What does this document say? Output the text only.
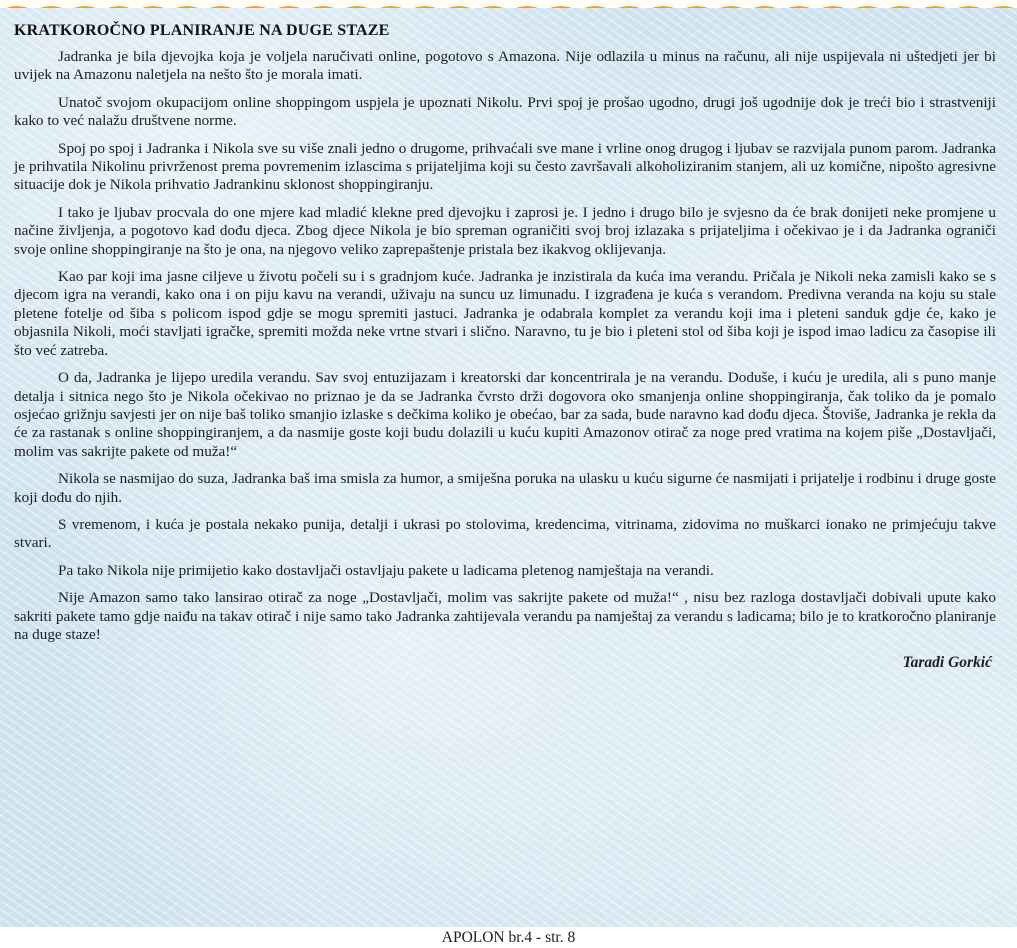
KRATKOROČNO PLANIRANJE NA DUGE STAZE

Jadranka je bila djevojka koja je voljela naručivati online, pogotovo s Amazona. Nije odlazila u minus na računu, ali nije uspijevala ni uštedjeti jer bi uvijek na Amazonu naletjela na nešto što je morala imati.

Unatoč svojom okupacijom online shoppingom uspjela je upoznati Nikolu. Prvi spoj je prošao ugodno, drugi još ugodnije dok je treći bio i strastveniji kako to već nalažu društvene norme.

Spoj po spoj i Jadranka i Nikola sve su više znali jedno o drugome, prihvaćali sve mane i vrline onog drugog i ljubav se razvijala punom parom. Jadranka je prihvatila Nikolinu privrženost prema povremenim izlascima s prijateljima koji su često završavali alkoholiziranim stanjem, ali uz komične, nipošto agresivne situacije dok je Nikola prihvatio Jadrankinu sklonost shoppingiranju.

I tako je ljubav procvala do one mjere kad mladić klekne pred djevojku i zaprosi je. I jedno i drugo bilo je svjesno da će brak donijeti neke promjene u načine življenja, a pogotovo kad dođu djeca. Zbog djece Nikola je bio spreman ograničiti svoj broj izlazaka s prijateljima i očekivao je i da Jadranka ograniči svoje online shoppingiranje na što je ona, na njegovo veliko zaprepaštenje pristala bez ikakvog oklijevanja.

Kao par koji ima jasne ciljeve u životu počeli su i s gradnjom kuće. Jadranka je inzistirala da kuća ima verandu. Pričala je Nikoli neka zamisli kako se s djecom igra na verandi, kako ona i on piju kavu na verandi, uživaju na suncu uz limunadu. I izgrađena je kuća s verandom. Predivna veranda na koju su stale pletene fotelje od šiba s policom ispod gdje se mogu spremiti jastuci. Jadranka je odabrala komplet za verandu koji ima i pleteni sanduk gdje će, kako je objasnila Nikoli, moći stavljati igračke, spremiti možda neke vrtne stvari i slično. Naravno, tu je bio i pleteni stol od šiba koji je ispod imao ladicu za časopise ili što već zatreba.

O da, Jadranka je lijepo uredila verandu. Sav svoj entuzijazam i kreatorski dar koncentrirala je na verandu. Doduše, i kuću je uredila, ali s puno manje detalja i sitnica nego što je Nikola očekivao no priznao je da se Jadranka čvrsto drži dogovora oko smanjenja online shoppingiranja, čak toliko da je pomalo osjećao grižnju savjesti jer on nije baš toliko smanjio izlaske s dečkima koliko je obećao, bar za sada, bude naravno kad dođu djeca. Štoviše, Jadranka je rekla da će za rastanak s online shoppingiranjem, a da nasmije goste koji budu dolazili u kuću kupiti Amazonov otirač za noge pred vratima na kojem piše „Dostavljači, molim vas sakrijte pakete od muža!“

Nikola se nasmijao do suza, Jadranka baš ima smisla za humor, a smiješna poruka na ulasku u kuću sigurne će nasmijati i prijatelje i rodbinu i druge goste koji dođu do njih.

S vremenom, i kuća je postala nekako punija, detalji i ukrasi po stolovima, kredencima, vitrinama, zidovima no muškarci ionako ne primjećuju takve stvari.

Pa tako Nikola nije primijetio kako dostavljači ostavljaju pakete u ladicama pletenog namještaja na verandi.

Nije Amazon samo tako lansirao otirač za noge „Dostavljači, molim vas sakrijte pakete od muža!“ , nisu bez razloga dostavljači dobivali upute kako sakriti pakete tamo gdje naiđu na takav otirač i nije samo tako Jadranka zahtijevala verandu pa namještaj za verandu s ladicama; bilo je to kratkoročno planiranje na duge staze!

Taradi Gorkić
APOLON br.4 - str. 8
